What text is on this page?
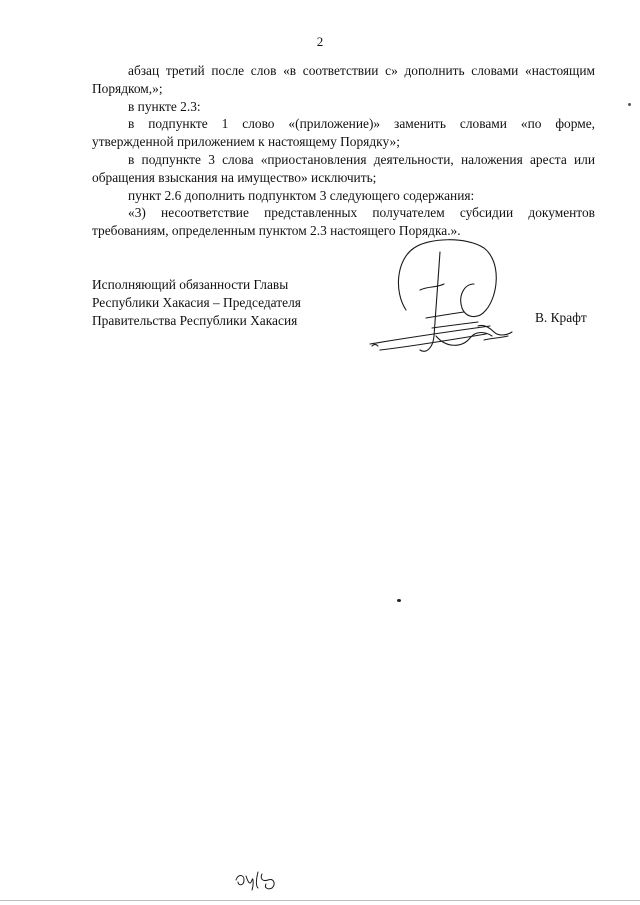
2

абзац третий после слов «в соответствии с» дополнить словами «настоящим Порядком,»;

в пункте 2.3:

в подпункте 1 слово «(приложение)» заменить словами «по форме, утвержденной приложением к настоящему Порядку»;

в подпункте 3 слова «приостановления деятельности, наложения ареста или обращения взыскания на имущество» исключить;

пункт 2.6 дополнить подпунктом 3 следующего содержания:

«3) несоответствие представленных получателем субсидии документов требованиям, определенным пунктом 2.3 настоящего Порядка.».

Исполняющий обязанности Главы
Республики Хакасия – Председателя
Правительства Республики Хакасия	В. Крафт
